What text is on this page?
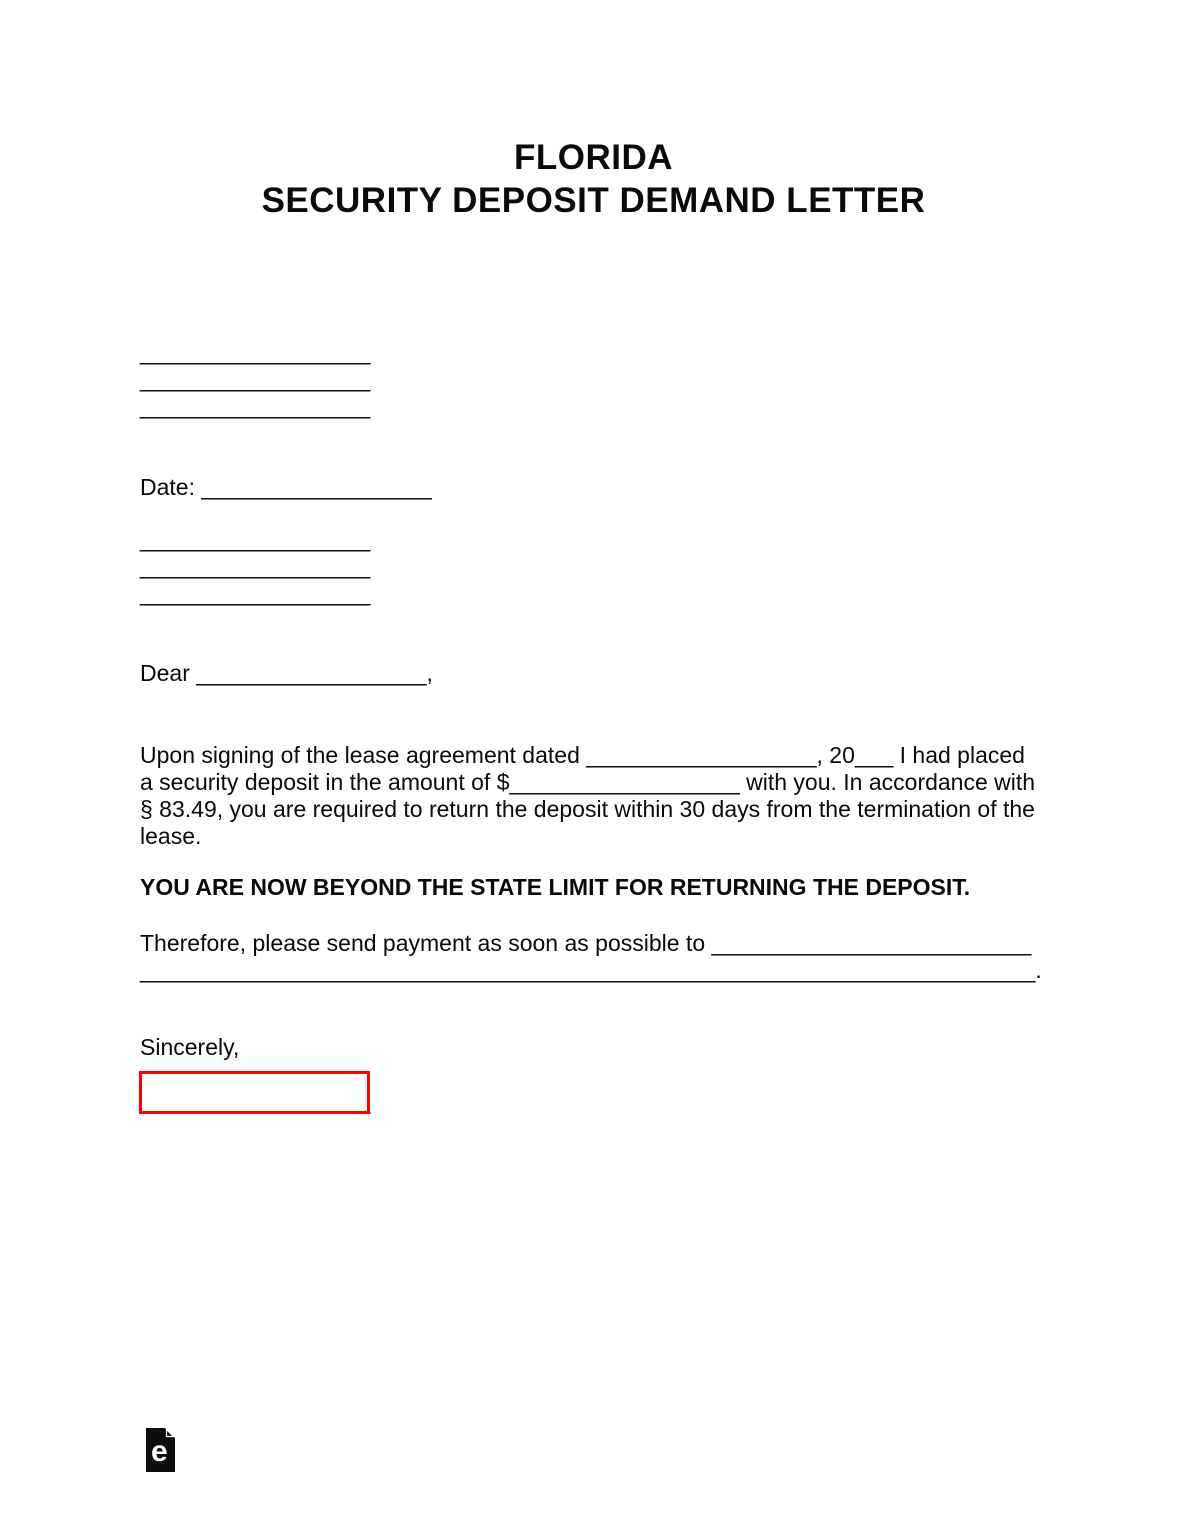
FLORIDA
SECURITY DEPOSIT DEMAND LETTER
__________________
__________________
__________________
Date: __________________
__________________
__________________
__________________
Dear __________________,
Upon signing of the lease agreement dated __________________, 20___ I had placed
a security deposit in the amount of $__________________ with you. In accordance with
§ 83.49, you are required to return the deposit within 30 days from the termination of the
lease.
YOU ARE NOW BEYOND THE STATE LIMIT FOR RETURNING THE DEPOSIT.
Therefore, please send payment as soon as possible to _________________________
______________________________________________________________________.
Sincerely,
__________________
e
